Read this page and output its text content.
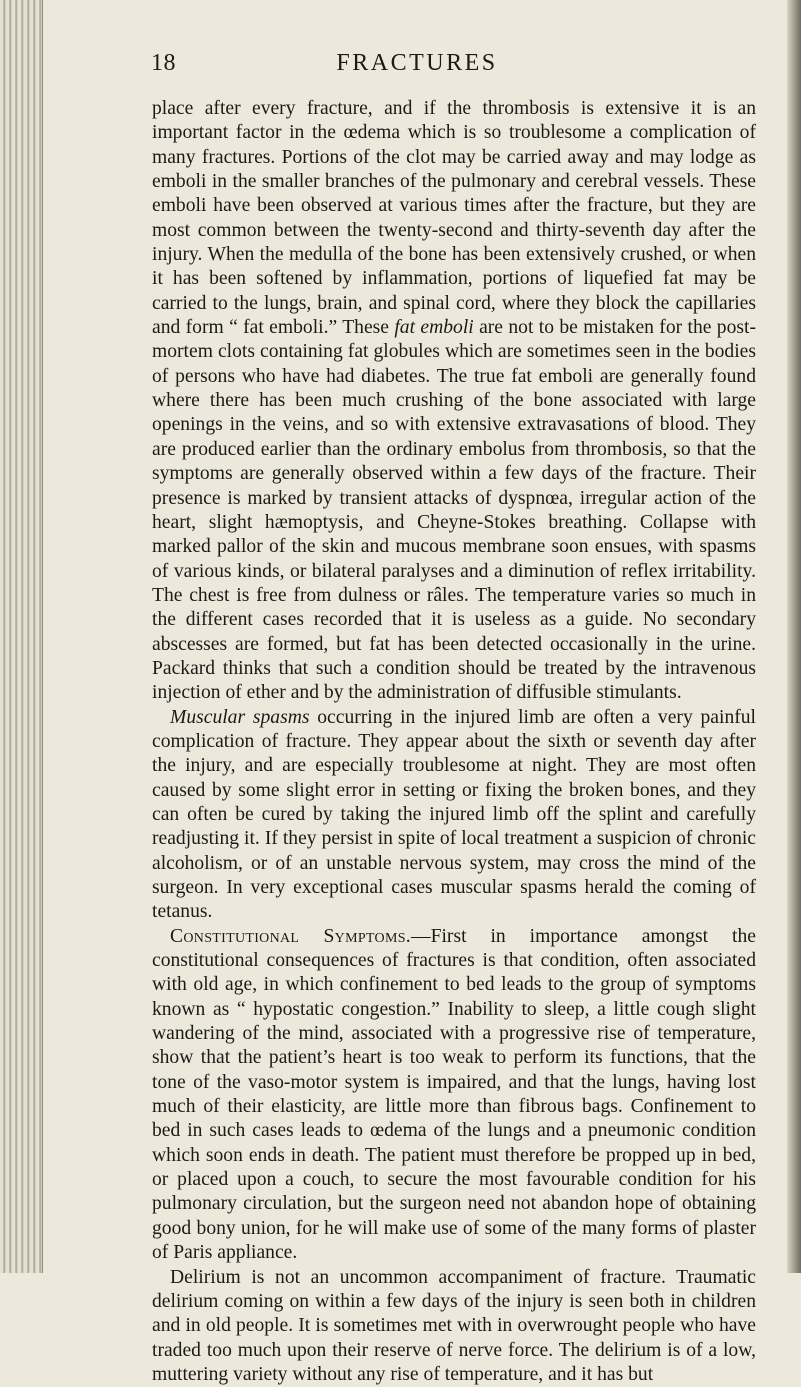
18	FRACTURES

place after every fracture, and if the thrombosis is extensive it is an important factor in the œdema which is so troublesome a complication of many fractures. Portions of the clot may be carried away and may lodge as emboli in the smaller branches of the pulmonary and cerebral vessels. These emboli have been observed at various times after the fracture, but they are most common between the twenty-second and thirty-seventh day after the injury. When the medulla of the bone has been extensively crushed, or when it has been softened by inflammation, portions of liquefied fat may be carried to the lungs, brain, and spinal cord, where they block the capillaries and form “ fat emboli.” These fat emboli are not to be mistaken for the post-mortem clots containing fat globules which are sometimes seen in the bodies of persons who have had diabetes. The true fat emboli are generally found where there has been much crushing of the bone associated with large openings in the veins, and so with extensive extravasations of blood. They are produced earlier than the ordinary embolus from thrombosis, so that the symptoms are generally observed within a few days of the fracture. Their presence is marked by transient attacks of dyspnœa, irregular action of the heart, slight hæmoptysis, and Cheyne-Stokes breathing. Collapse with marked pallor of the skin and mucous membrane soon ensues, with spasms of various kinds, or bilateral paralyses and a diminution of reflex irritability. The chest is free from dulness or râles. The temperature varies so much in the different cases recorded that it is useless as a guide. No secondary abscesses are formed, but fat has been detected occasionally in the urine. Packard thinks that such a condition should be treated by the intravenous injection of ether and by the administration of diffusible stimulants.

Muscular spasms occurring in the injured limb are often a very painful complication of fracture. They appear about the sixth or seventh day after the injury, and are especially troublesome at night. They are most often caused by some slight error in setting or fixing the broken bones, and they can often be cured by taking the injured limb off the splint and carefully readjusting it. If they persist in spite of local treatment a suspicion of chronic alcoholism, or of an unstable nervous system, may cross the mind of the surgeon. In very exceptional cases muscular spasms herald the coming of tetanus.

Constitutional Symptoms.—First in importance amongst the constitutional consequences of fractures is that condition, often associated with old age, in which confinement to bed leads to the group of symptoms known as “ hypostatic congestion.” Inability to sleep, a little cough slight wandering of the mind, associated with a progressive rise of temperature, show that the patient’s heart is too weak to perform its functions, that the tone of the vaso-motor system is impaired, and that the lungs, having lost much of their elasticity, are little more than fibrous bags. Confinement to bed in such cases leads to œdema of the lungs and a pneumonic condition which soon ends in death. The patient must therefore be propped up in bed, or placed upon a couch, to secure the most favourable condition for his pulmonary circulation, but the surgeon need not abandon hope of obtaining good bony union, for he will make use of some of the many forms of plaster of Paris appliance.

Delirium is not an uncommon accompaniment of fracture. Traumatic delirium coming on within a few days of the injury is seen both in children and in old people. It is sometimes met with in overwrought people who have traded too much upon their reserve of nerve force. The delirium is of a low, muttering variety without any rise of temperature, and it has but
